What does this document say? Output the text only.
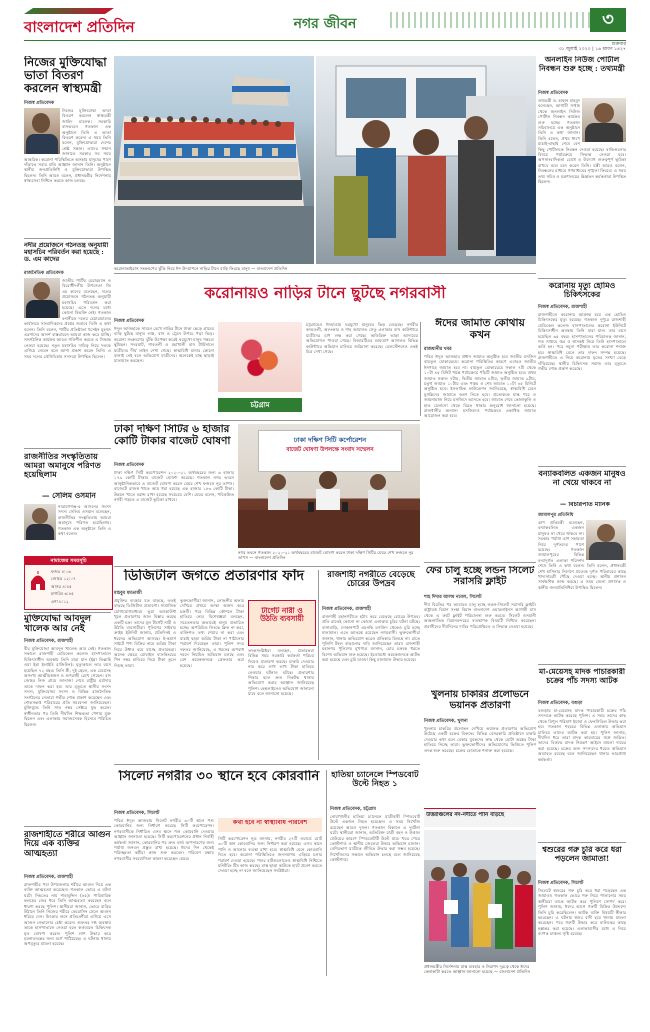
বাংলাদেশ প্রতিদিন	নগর জীবন	৩
শুক্রবার
৩১ জুলাই ২০২০ | ১৬ শ্রাবণ ১৪২৭
নিজের মুক্তিযোদ্ধা ভাতা বিতরণ করলেন স্বাস্থ্যমন্ত্রী
নিজস্ব প্রতিবেদক
নিজের মুক্তিযোদ্ধা ভাতা বিতরণ করলেন স্বাস্থ্যমন্ত্রী জাহিদ মালেক। সরকারি বাসভবনে গতকাল এক অনুষ্ঠানে তিনি এ ভাতা বিতরণ করেন। এ সময় তিনি বলেন, মুক্তিযোদ্ধারা দেশের শ্রেষ্ঠ সন্তান। তাদের সম্মান জানাতে সরকার সব সময় আন্তরিক। করোনা পরিস্থিতিতে অসহায় মানুষের পাশে দাঁড়াতে সবার প্রতি আহ্বান জানান তিনি। অনুষ্ঠানে স্থানীয় জনপ্রতিনিধি ও মুক্তিযোদ্ধারা উপস্থিত ছিলেন। তিনি আরও বলেন, প্রধানমন্ত্রীর নির্দেশনায় স্বাস্থ্যসেবা নিশ্চিত করতে কাজ চলছে।
নদীর প্রয়োজনে গঠনতন্ত্র অনুযায়ী মহাসচিব পরিবর্তন করা হয়েছে : ড. এম কাদের
রাজনৈতিক প্রতিবেদক
জাতীয় পার্টির চেয়ারম্যান ও বিরোধীদলীয় উপনেতা জি এম কাদের বলেছেন, দলের প্রয়োজনে গঠনতন্ত্র অনুযায়ী মহাসচিব পরিবর্তন করা হয়েছে। এতে দলের মধ্যে কোনো বিভক্তি নেই। গতকাল বনানীতে দলের চেয়ারম্যানের কার্যালয়ে সাংবাদিকদের প্রশ্নের জবাবে তিনি এ কথা বলেন। তিনি বলেন, পার্টির প্রতিষ্ঠাতা হুসেইন মুহম্মদ এরশাদের আদর্শ বাস্তবায়নে আমরা কাজ করে যাচ্ছি। সাংগঠনিক কার্যক্রম আরও গতিশীল করতে এ সিদ্ধান্ত নেওয়া হয়েছে। নতুন মহাসচিব দায়িত্ব নিয়ে দলকে এগিয়ে নেবেন বলে আশা প্রকাশ করেন তিনি। এ সময় দলের প্রেসিডিয়াম সদস্যরা উপস্থিত ছিলেন।
রাজনীতির সংস্কৃতিতায় আমরা অমানুষে পরিণত হয়েছিলাম
— সেলিম ওসমান
নারায়ণগঞ্জ-৫ আসনের সংসদ সদস্য সেলিম ওসমান বলেছেন, রাজনীতির সংস্কৃতিতায় আমরা অমানুষে পরিণত হয়েছিলাম। গতকাল এক অনুষ্ঠানে তিনি এ কথা বলেন।
নামাজের সময়সূচি
ফজর ৪:০৬
জোহর ১২:০৭
আসর ৪:৪৫
মাগরিব ৬:৪৫
এশা ৮:১২
মুক্তিযোদ্ধা আবদুল খালেক আর নেই
নিজস্ব প্রতিবেদক, রাজশাহী
বীর মুক্তিযোদ্ধা আবদুল খালেক আর নেই। গতকাল সকালে রাজশাহী মেডিকেল কলেজ হাসপাতালে চিকিৎসাধীন অবস্থায় তিনি মারা যান (ইন্না লিল্লাহি ওয়া ইন্না ইলাইহি রাজিউন)। মৃত্যুকালে তার বয়স হয়েছিল ৭২ বছর। তিনি স্ত্রী, দুই ছেলে, এক মেয়েসহ অসংখ্য আত্মীয়স্বজন ও গুণগ্রাহী রেখে গেছেন। বাদ জোহর নিজ গ্রামে জানাজা শেষে রাষ্ট্রীয় মর্যাদায় তাকে দাফন করা হয়। তার মৃত্যুতে স্থানীয় সংসদ সদস্য, মুক্তিযোদ্ধা সংসদ ও বিভিন্ন রাজনৈতিক সংগঠনের নেতারা গভীর শোক প্রকাশ করেছেন এবং শোকসন্তপ্ত পরিবারের প্রতি সমবেদনা জানিয়েছেন। মুক্তিযুদ্ধে তিনি সাত নম্বর সেক্টরে যুদ্ধ করেন। স্বাধীনতার পর তিনি দীর্ঘদিন শিক্ষকতা পেশায় যুক্ত ছিলেন এবং এলাকায় সমাজসেবক হিসেবে পরিচিত ছিলেন।
রাজশাহীতে শরীরে আগুন দিয়ে এক ব্যক্তির আত্মহত্যা
নিজস্ব প্রতিবেদক, রাজশাহী
রাজশাহীর পবা উপজেলায় শরীরে আগুন দিয়ে এক ব্যক্তি আত্মহত্যা করেছেন। গতকাল ভোরে এ ঘটনা ঘটে। নিহতের নাম শাহাবুদ্দিন (৪৫)। পারিবারিক কলহের জের ধরে তিনি আত্মহত্যা করেছেন বলে ধারণা করছে পুলিশ। স্থানীয়রা জানান, ভোরে বাড়ির উঠানে তিনি নিজের শরীরে কেরোসিন ঢেলে আগুন ধরিয়ে দেন। চিৎকার শুনে প্রতিবেশীরা এগিয়ে এসে আগুন নেভানোর চেষ্টা করেন। গুরুতর দগ্ধ অবস্থায় তাকে হাসপাতালে নেওয়া হলে কর্তব্যরত চিকিৎসক মৃত ঘোষণা করেন। পুলিশ লাশ উদ্ধার করে ময়নাতদন্তের জন্য মর্গে পাঠিয়েছে। এ ঘটনায় থানায় অপমৃত্যুর মামলা হয়েছে।
অনলাইন নিউজ পোর্টাল নিবন্ধন শুরু হচ্ছে : তথ্যমন্ত্রী
নিজস্ব প্রতিবেদক
তথ্যমন্ত্রী ড. হাছান মাহমুদ বলেছেন, আগামী সপ্তাহ থেকে অনলাইন নিউজ পোর্টাল নিবন্ধন কার্যক্রম শুরু হচ্ছে। গতকাল সচিবালয়ে এক অনুষ্ঠানে তিনি এ কথা জানান। তিনি বলেন, প্রথম ধাপে যাচাই-বাছাই শেষে বেশ কিছু পোর্টালকে নিবন্ধন দেওয়া হয়েছে। বাকিগুলোর বিষয়ে পর্যায়ক্রমে সিদ্ধান্ত নেওয়া হবে। অপসাংবাদিকতা রোধে এ উদ্যোগ গুরুত্বপূর্ণ ভূমিকা রাখবে বলে মনে করেন তিনি। মন্ত্রী আরও বলেন, নিবন্ধনের মাধ্যমে গণমাধ্যমের শৃঙ্খলা ফিরবে। এ সময় তথ্য সচিব ও মন্ত্রণালয়ের ঊর্ধ্বতন কর্মকর্তারা উপস্থিত ছিলেন।
করোনায় মৃত্যু হোমিও চিকিৎসকের
নিজস্ব প্রতিবেদক, রাজশাহী
রাজশাহীতে করোনায় আক্রান্ত হয়ে এক হোমিও চিকিৎসকের মৃত্যু হয়েছে। গতকাল দুপুরে রাজশাহী মেডিকেল কলেজ হাসপাতালের করোনা ইউনিটে চিকিৎসাধীন অবস্থায় তিনি মারা যান। তার বয়স হয়েছিল ৬৫ বছর। হাসপাতালের পরিচালক জানান, গত সপ্তাহে জ্বর ও শ্বাসকষ্ট নিয়ে তিনি হাসপাতালে ভর্তি হন। পরে নমুনা পরীক্ষায় তার করোনা শনাক্ত হয়। স্বাস্থ্যবিধি মেনে তার দাফন সম্পন্ন হয়েছে। রাজশাহীতে এ নিয়ে করোনায় মৃতের সংখ্যা বেড়ে দাঁড়িয়েছে। স্থানীয় চিকিৎসক সমাজ তার মৃত্যুতে গভীর শোক প্রকাশ করেছে।
বন্যাকবলিত একজন মানুষও না খেয়ে থাকবে না
— বিচারপতি মানিক
জামালপুর প্রতিনিধি
ত্রাণ প্রতিমন্ত্রী বলেছেন, বন্যাকবলিত একজন মানুষও না খেয়ে থাকবে না। সরকার পর্যাপ্ত ত্রাণ সহায়তা নিয়ে দুর্গতদের পাশে রয়েছে। গতকাল জামালপুরের বিভিন্ন বন্যাদুর্গত এলাকা পরিদর্শন শেষে তিনি এ কথা বলেন। তিনি বলেন, প্রধানমন্ত্রী শেখ হাসিনার নির্দেশে প্রত্যেক দুর্গত পরিবারের কাছে খাদ্যসামগ্রী পৌঁছে দেওয়া হচ্ছে। স্থানীয় প্রশাসন সার্বক্ষণিক কাজ করছে। এ সময় জেলা প্রশাসক ও স্থানীয় জনপ্রতিনিধিরা উপস্থিত ছিলেন।
মা-মেয়েসহ মাদক পাচারকারী চক্রের পাঁচ সদস্য আটক
নিজস্ব প্রতিবেদক, বগুড়া
বগুড়ায় মা-মেয়েসহ মাদক পাচারকারী চক্রের পাঁচ সদস্যকে আটক করেছে পুলিশ। এ সময় তাদের কাছ থেকে বিপুল পরিমাণ ইয়াবা ও ফেনসিডিল উদ্ধার করা হয়। গতকাল শহরের বিভিন্ন এলাকায় অভিযান চালিয়ে তাদের আটক করা হয়। পুলিশ জানায়, দীর্ঘদিন ধরে তারা মাদক কারবারের সঙ্গে জড়িত। তাদের বিরুদ্ধে মাদক নিয়ন্ত্রণ আইনে মামলা দায়ের করা হয়েছে। চক্রের অন্য সদস্যদের ধরতে অভিযান অব্যাহত রয়েছে বলে জানিয়েছেন থানার ভারপ্রাপ্ত কর্মকর্তা।
শ্বশুরের গরু চুরি করে ধরা পড়লেন জামাতা!
নিজস্ব প্রতিবেদক, সিলেট
সিলেটে শ্বশুরের গরু চুরি করে ধরা পড়েছেন এক জামাতা। গতকাল ভোরে গরু নিয়ে পালানোর সময় স্থানীয়রা তাকে আটক করে পুলিশে সোপর্দ করে। পুলিশ জানায়, ঈদের আগে গরুটি বিক্রির উদ্দেশ্যে তিনি চুরি করেছিলেন। আটক ব্যক্তি বিষয়টি স্বীকার করেছেন। এ ঘটনায় শ্বশুর বাদী হয়ে থানায় মামলা করেছেন। পরে গরুটি উদ্ধার করে মালিকের কাছে হস্তান্তর করা হয়েছে। এলাকাবাসীর মধ্যে এ নিয়ে ব্যাপক চাঞ্চল্য সৃষ্টি হয়েছে।
করোনাভাইরাস সংক্রমণের ঝুঁকি নিয়ে ঈদ উদযাপনে নাড়ির টানে বাড়ি ফিরছে মানুষ — বাংলাদেশ প্রতিদিন
করোনায়ও নাড়ির টানে ছুটছে নগরবাসী
নিজস্ব প্রতিবেদক
ঈদুল আজহাকে সামনে রেখে নাড়ির টানে ঢাকা ছেড়ে গ্রামের বাড়ি ছুটছে মানুষ। লঞ্চ, বাস ও ট্রেনে উপচে পড়া ভিড়। করোনা সংক্রমণের ঝুঁকি উপেক্ষা করেই ঘরমুখো মানুষ গন্তব্যে ছুটছেন। সদরঘাট, গাবতলী ও মহাখালী বাস টার্মিনালে যাত্রীদের দীর্ঘ লাইন দেখা গেছে। স্বাস্থ্যবিধি মানার কোনো বালাই নেই বলে অভিযোগ যাত্রীদের। অনেকেই মাস্ক ছাড়াই যাতায়াত করছেন।
চট্টগ্রাম
চট্টগ্রামেও ঈদযাত্রায় ঘরমুখো মানুষের ভিড় বেড়েছে। নগরীর কদমতলী, অলংকার ও শাহ আমানত সেতু এলাকার বাস কাউন্টারে যাত্রীদের চাপ লক্ষ করা গেছে। অতিরিক্ত ভাড়া আদায়ের অভিযোগও পাওয়া গেছে। বিআরটিএর ভ্রাম্যমাণ আদালত বিভিন্ন কাউন্টারে অভিযান চালিয়ে জরিমানা করেছে। রেলস্টেশনেও একই চিত্র দেখা গেছে।
ঈদের জামাত কোথায় কখন
রাজধানীর খবর
পবিত্র ঈদুল আজহার প্রধান জামাত অনুষ্ঠিত হবে জাতীয় মসজিদ বায়তুল মোকাররমে। করোনা পরিস্থিতির কারণে এবারও জাতীয় ঈদগাহে জামাত হবে না। বায়তুল মোকাররমে সকাল ৭টা থেকে ১০টা ৪৫ মিনিট পর্যন্ত পর্যায়ক্রমে পাঁচটি জামাত অনুষ্ঠিত হবে। প্রথম জামাত সকাল ৭টায়, দ্বিতীয় জামাত ৮টায়, তৃতীয় জামাত ৯টায়, চতুর্থ জামাত ১০টায় এবং পঞ্চম ও শেষ জামাত ১০টা ৪৫ মিনিটে অনুষ্ঠিত হবে। ইসলামিক ফাউন্ডেশন জানিয়েছে, স্বাস্থ্যবিধি মেনে মুসল্লিদের জামাতে অংশ নিতে হবে। প্রত্যেককে মাস্ক পরে ও জায়নামাজ নিয়ে মসজিদে আসতে হবে। জামাত শেষে কোলাকুলি ও হাত মেলানো থেকে বিরত থাকার অনুরোধ জানানো হয়েছে। রাজধানীর অন্যান্য মসজিদেও পর্যায়ক্রমে একাধিক জামাত আয়োজন করা হবে।
ঢাকা দক্ষিণ সিটির ৬ হাজার কোটি টাকার বাজেট ঘোষণা
নিজস্ব প্রতিবেদক
ঢাকা দক্ষিণ সিটি করপোরেশন ২০২০-২১ অর্থবছরের জন্য ৬ হাজার ১৭৯ কোটি টাকার বাজেট ঘোষণা করেছে। গতকাল নগর ভবনে আনুষ্ঠানিকভাবে এ বাজেট ঘোষণা করেন মেয়র শেখ ফজলে নূর তাপস। বাজেটে রাজস্ব খাতে আয় ধরা হয়েছে এক হাজার ১৮৩ কোটি টাকা। উন্নয়ন খাতে বরাদ্দ রাখা হয়েছে সবচেয়ে বেশি। মেয়র বলেন, পরিকল্পিত নগরী গড়তে এ বাজেট ভূমিকা রাখবে।
ঢাকা দক্ষিণ সিটি কর্পোরেশন
বাজেট ঘোষণা উপলক্ষে সংবাদ সম্মেলন
নগর ভবনে গতকাল ২০২০-২১ অর্থবছরের বাজেট ঘোষণা করেন ঢাকা দক্ষিণ সিটির মেয়র শেখ ফজলে নূর তাপস — বাংলাদেশ প্রতিদিন
ফের চালু হচ্ছে লন্ডন সিলেট সরাসরি ফ্লাইট
শাহ দিদার আলম নবেল, সিলেট
দীর্ঘ বিরতির পর আবারও চালু হচ্ছে লন্ডন-সিলেট সরাসরি ফ্লাইট। রাষ্ট্রায়ত্ত বিমান সংস্থা বিমান বাংলাদেশ এয়ারলাইনস আগামী মাস থেকে এ রুটে ফ্লাইট পরিচালনা শুরু করবে। সিলেট ওসমানী আন্তর্জাতিক বিমানবন্দরের ব্যবস্থাপক বিষয়টি নিশ্চিত করেছেন। প্রবাসীদের দীর্ঘদিনের দাবির পরিপ্রেক্ষিতে এ সিদ্ধান্ত নেওয়া হয়েছে।
ডিজিটাল জগতে প্রতারণার ফাঁদ
মাহবুব মমতাজী
প্রযুক্তির ব্যবহার যত বাড়ছে, ততই বাড়ছে ডিজিটাল প্রতারণা। সামাজিক যোগাযোগমাধ্যমে ভুয়া অ্যাকাউন্ট খুলে প্রতারণার জাল বিস্তার করছে একটি চক্র। তাদের মূল টার্গেট নারী ও উঠতি ব্যবসায়ীরা। পুলিশের সাইবার ক্রাইম ইউনিট জানায়, প্রতিদিনই এ ধরনের অভিযোগ আসছে। ই-কমার্স সাইটে পণ্য বিক্রির নামে অগ্রিম টাকা নিয়ে উধাও হয়ে যাচ্ছে প্রতারকরা। অনেক ক্ষেত্রে মোবাইল ব্যাংকিংয়ের পিন নম্বর হাতিয়ে নিয়ে টাকা তুলে নিচ্ছে তারা।
ভুক্তভোগীরা জানান, লোভনীয় অফার দেখিয়ে প্রথমে আস্থা অর্জন করে চক্রটি। পরে বিভিন্ন কৌশলে টাকা হাতিয়ে নেয়। বিশেষজ্ঞরা বলছেন, সচেতনতার অভাবেই মানুষ প্রতারিত হচ্ছে। অপরিচিত লিংকে ক্লিক না করা, ব্যক্তিগত তথ্য শেয়ার না করা এবং যাচাই ছাড়া অগ্রিম টাকা না পাঠানোর পরামর্শ দিয়েছেন তারা। পুলিশ সদর দফতর জানিয়েছে, এ ধরনের অপরাধ দমনে নিয়মিত অভিযান চলছে এবং বেশ কয়েকজনকে গ্রেফতার করা হয়েছে।
টার্গেট নারী ও উঠতি ব্যবসায়ী
তদন্তসংশ্লিষ্টরা বলছেন, প্রতারকরা বিভিন্ন সময় সরকারি কর্মকর্তা পরিচয় দিয়েও প্রতারণা করছে। চাকরি দেওয়ার নাম করে লাখ লাখ টাকা হাতিয়ে নেওয়ার ঘটনাও ঘটছে। প্রতারণার শিকার হলে দ্রুত নিকটস্থ থানায় অভিযোগ করার আহ্বান জানিয়েছে পুলিশ। হেল্পলাইনেও অভিযোগ জানানো যাবে বলে জানানো হয়েছে।
রাজশাহী নগরীতে বেড়েছে চোরের উপদ্রব
নিজস্ব প্রতিবেদক, রাজশাহী
রাজশাহী মহানগরীতে হঠাৎ করে বেড়েছে চোরের উপদ্রব। প্রতি রাতেই কোনো না কোনো এলাকায় চুরির ঘটনা ঘটছে। বাসাবাড়ি, দোকানপাট এমনকি মসজিদ থেকেও চুরি হচ্ছে মালামাল। এতে আতঙ্কে রয়েছেন নগরবাসী। ভুক্তভোগীরা জানান, থানায় অভিযোগ করেও প্রতিকার মিলছে না। রাতে পুলিশি টহল বাড়ানোর দাবি জানিয়েছেন তারা। রাজশাহী মহানগর পুলিশের মুখপাত্র জানান, চোর চক্রকে ধরতে বিশেষ অভিযান শুরু হয়েছে। ইতোমধ্যে কয়েকজনকে আটক করা হয়েছে এবং চুরি যাওয়া কিছু মালামাল উদ্ধার হয়েছে।
খুলনায় চাকরির প্রলোভনে ভয়ানক প্রতারণা
নিজস্ব প্রতিবেদক, খুলনা
খুলনায় চাকরির প্রলোভন দেখিয়ে ভয়ানক প্রতারণার অভিযোগ উঠেছে একটি চক্রের বিরুদ্ধে। বিভিন্ন বেসরকারি প্রতিষ্ঠানে চাকরি দেওয়ার কথা বলে বেকার যুবকদের কাছ থেকে মোটা অঙ্কের টাকা হাতিয়ে নিচ্ছে তারা। ভুক্তভোগীদের অভিযোগের ভিত্তিতে পুলিশ তদন্ত শুরু করেছে। চক্রের হোতাকে শনাক্ত করা হয়েছে।
উত্তরাঞ্চলের নদ-নদীতে পানি বাড়ছে
সিলেট নগরীর ৩০ স্থানে হবে কোরবানি
নিজস্ব প্রতিবেদক, সিলেট
পবিত্র ঈদুল আজহায় সিলেট নগরীর ৩০টি স্থানে পশু কোরবানির জন্য নির্ধারণ করেছে সিটি করপোরেশন। নগরবাসীকে নির্ধারিত এসব স্থানে পশু কোরবানি দেওয়ার আহ্বান জানানো হয়েছে। সিটি করপোরেশনের প্রধান নির্বাহী কর্মকর্তা জানান, কোরবানির পর দ্রুত বর্জ্য অপসারণের জন্য পর্যাপ্ত জনবল প্রস্তুত রাখা হয়েছে। ঈদের দিন থেকেই পরিচ্ছন্নতা কর্মীরা কাজ শুরু করবেন। পরিবেশ রক্ষায় নগরবাসীর সহযোগিতা কামনা করেছেন মেয়র।
কথা হবে না স্বাস্থ্যবিধি পরিবেশ
সিটি করপোরেশন সূত্র জানায়, নগরীর ২৭টি ওয়ার্ডে মোট ৩০টি স্থান কোরবানির জন্য নির্ধারণ করা হয়েছে। এসব স্থানে পানি ও আলোর ব্যবস্থা রাখা হবে। স্বাস্থ্যবিধি মেনে কোরবানি দিতে হবে। করোনা পরিস্থিতিতে জনসমাগম এড়িয়ে চলার পরামর্শ দেওয়া হয়েছে। পশুর হাটগুলোতেও স্বাস্থ্যবিধি নিশ্চিতে মনিটরিং টিম কাজ করছে। মাস্ক ছাড়া কাউকে হাটে প্রবেশ করতে দেওয়া হচ্ছে না বলে জানিয়েছেন সংশ্লিষ্টরা।
হাতিয়া চ্যানেলে স্পিডবোট উল্টে নিহত ১
নিজস্ব প্রতিবেদক, চট্টগ্রাম
নোয়াখালীর হাতিয়া চ্যানেলে যাত্রীবাহী স্পিডবোট উল্টে একজন নিহত হয়েছেন। এ সময় নিখোঁজ রয়েছেন আরও দুজন। গতকাল বিকালে এ দুর্ঘটনা ঘটে। স্থানীয়রা জানান, অতিরিক্ত যাত্রী বহন ও উত্তাল ঢেউয়ের কারণে স্পিডবোটটি উল্টে যায়। খবর পেয়ে কোস্টগার্ড ও স্থানীয় জেলেরা উদ্ধার অভিযান চালান। বেশিরভাগ যাত্রীকে জীবিত উদ্ধার করা সম্ভব হয়েছে। নিখোঁজদের সন্ধানে অভিযান চলছে বলে জানিয়েছে কোস্টগার্ড।
প্রধানমন্ত্রীর নির্দেশনায় মাস্ক ব্যবহার ও নিরাপদ দূরত্বে থেকে ঈদের কেনাকাটা করতে আহ্বান জানানো হয়েছে — বাংলাদেশ প্রতিদিন
